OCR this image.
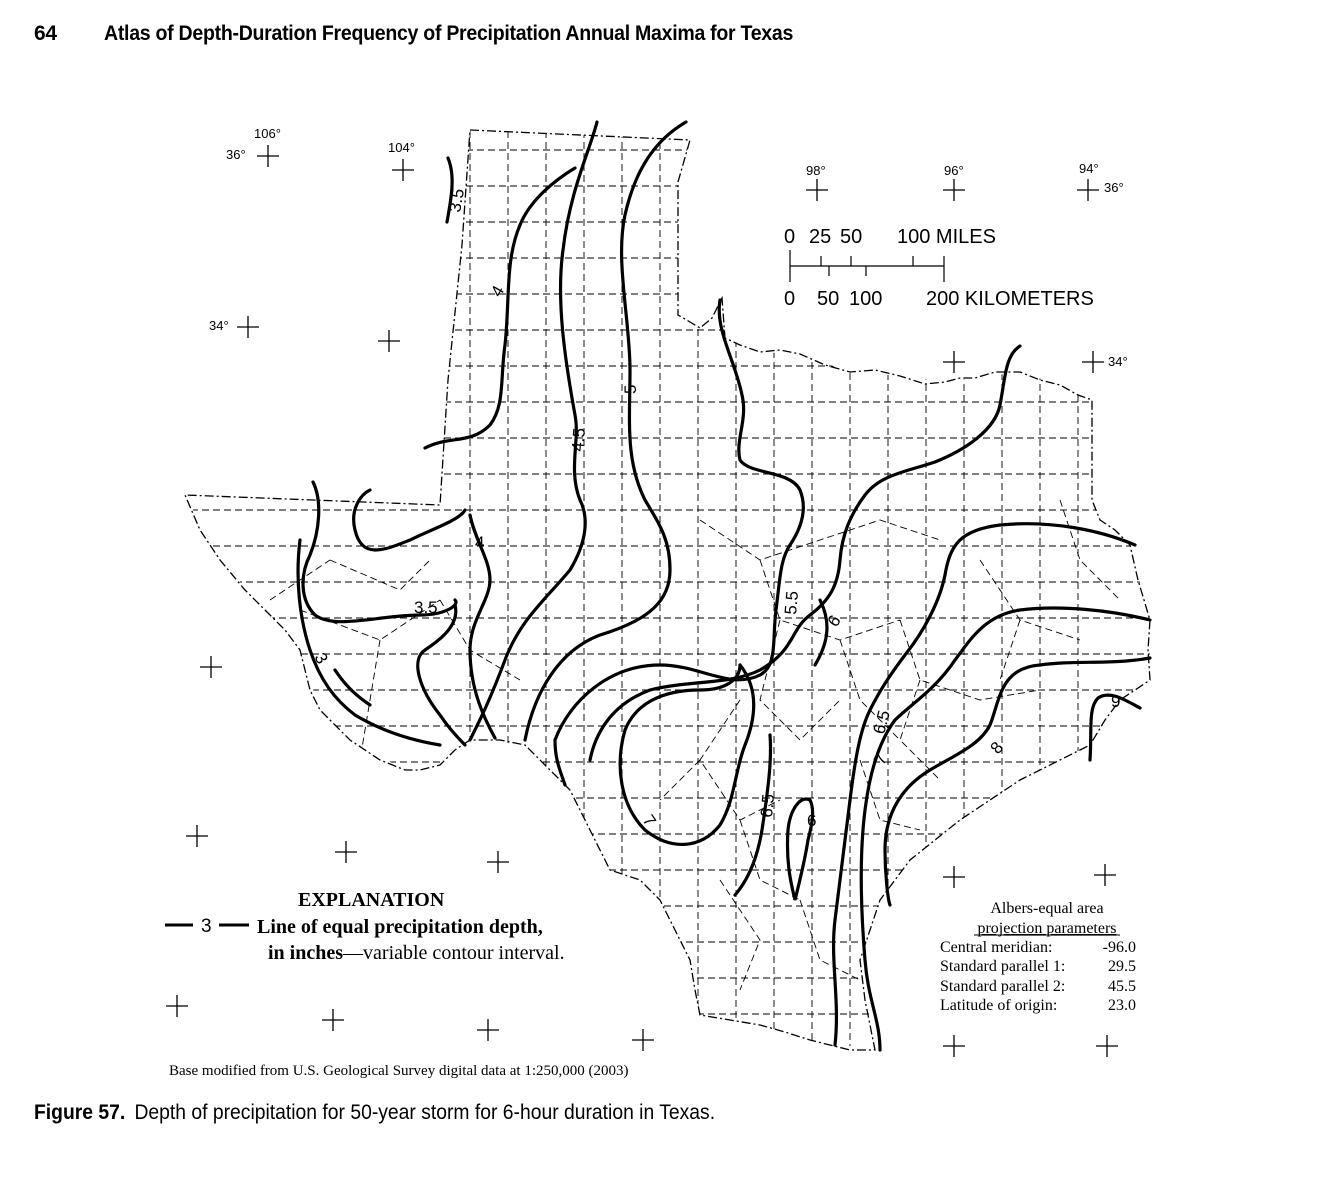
64 Atlas of Depth-Duration Frequency of Precipitation Annual Maxima for Texas
106°
36°	104°
98°	96°	94°
36°
34°
34°
0 25 50 100 MILES
0 50 100 200 KILOMETERS
3.5
4
4.5
5
5.5
6
6.5
7
8
9
3
3.5
4
7
6.5
6
EXPLANATION
3 Line of equal precipitation depth,
in inches—variable contour interval.
Albers-equal area
projection parameters
Central meridian:	-96.0
Standard parallel 1:	29.5
Standard parallel 2:	45.5
Latitude of origin:	23.0
Base modified from U.S. Geological Survey digital data at 1:250,000 (2003)
Figure 57. Depth of precipitation for 50-year storm for 6-hour duration in Texas.
